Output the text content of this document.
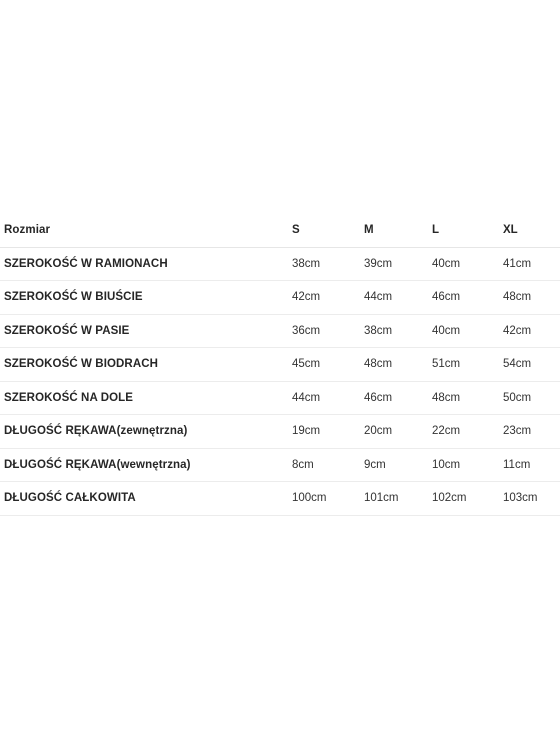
Rozmiar	S	M	L	XL
SZEROKOŚĆ W RAMIONACH	38cm	39cm	40cm	41cm
SZEROKOŚĆ W BIUŚCIE	42cm	44cm	46cm	48cm
SZEROKOŚĆ W PASIE	36cm	38cm	40cm	42cm
SZEROKOŚĆ W BIODRACH	45cm	48cm	51cm	54cm
SZEROKOŚĆ NA DOLE	44cm	46cm	48cm	50cm
DŁUGOŚĆ RĘKAWA(zewnętrzna)	19cm	20cm	22cm	23cm
DŁUGOŚĆ RĘKAWA(wewnętrzna)	8cm	9cm	10cm	11cm
DŁUGOŚĆ CAŁKOWITA	100cm	101cm	102cm	103cm
